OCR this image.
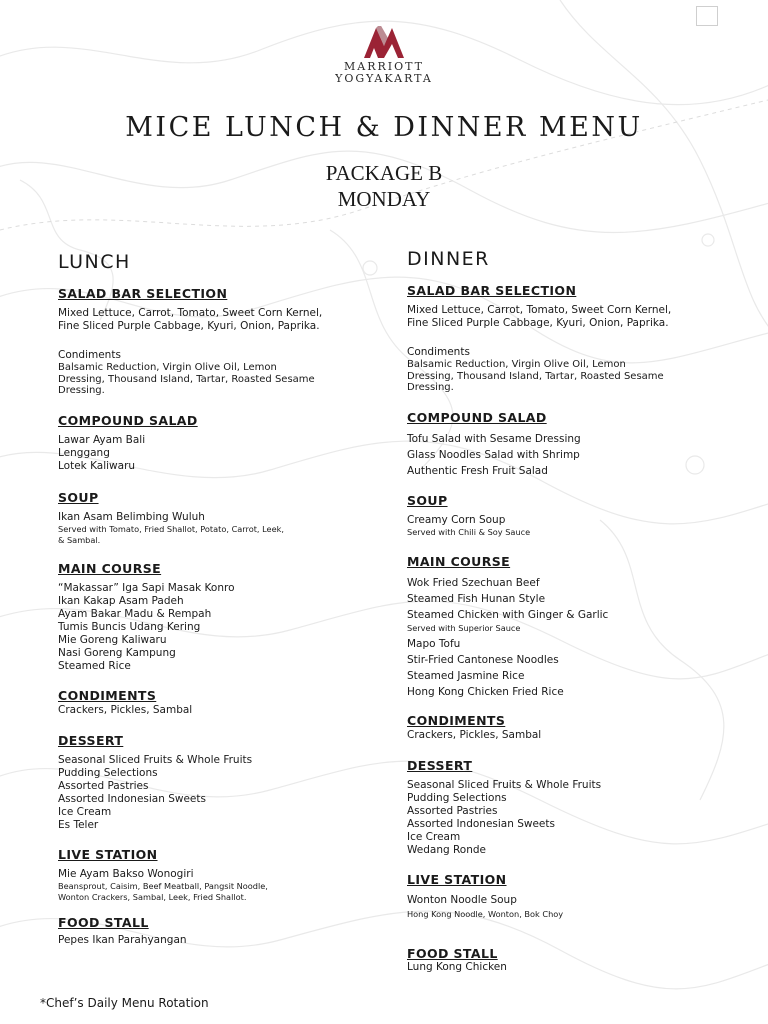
MARRIOTT
YOGYAKARTA
MICE LUNCH & DINNER MENU
PACKAGE B
MONDAY
LUNCH
SALAD BAR SELECTION
Mixed Lettuce, Carrot, Tomato, Sweet Corn Kernel,
Fine Sliced Purple Cabbage, Kyuri, Onion, Paprika.
Condiments
Balsamic Reduction, Virgin Olive Oil, Lemon
Dressing, Thousand Island, Tartar, Roasted Sesame
Dressing.
COMPOUND SALAD
Lawar Ayam Bali
Lenggang
Lotek Kaliwaru
SOUP
Ikan Asam Belimbing Wuluh
Served with Tomato, Fried Shallot, Potato, Carrot, Leek,
& Sambal.
MAIN COURSE
“Makassar” Iga Sapi Masak Konro
Ikan Kakap Asam Padeh
Ayam Bakar Madu & Rempah
Tumis Buncis Udang Kering
Mie Goreng Kaliwaru
Nasi Goreng Kampung
Steamed Rice
CONDIMENTS
Crackers, Pickles, Sambal
DESSERT
Seasonal Sliced Fruits & Whole Fruits
Pudding Selections
Assorted Pastries
Assorted Indonesian Sweets
Ice Cream
Es Teler
LIVE STATION
Mie Ayam Bakso Wonogiri
Beansprout, Caisim, Beef Meatball, Pangsit Noodle,
Wonton Crackers, Sambal, Leek, Fried Shallot.
FOOD STALL
Pepes Ikan Parahyangan
DINNER
SALAD BAR SELECTION
Mixed Lettuce, Carrot, Tomato, Sweet Corn Kernel,
Fine Sliced Purple Cabbage, Kyuri, Onion, Paprika.
Condiments
Balsamic Reduction, Virgin Olive Oil, Lemon
Dressing, Thousand Island, Tartar, Roasted Sesame
Dressing.
COMPOUND SALAD
Tofu Salad with Sesame Dressing
Glass Noodles Salad with Shrimp
Authentic Fresh Fruit Salad
SOUP
Creamy Corn Soup
Served with Chili & Soy Sauce
MAIN COURSE
Wok Fried Szechuan Beef
Steamed Fish Hunan Style
Steamed Chicken with Ginger & Garlic
Served with Superior Sauce
Mapo Tofu
Stir-Fried Cantonese Noodles
Steamed Jasmine Rice
Hong Kong Chicken Fried Rice
CONDIMENTS
Crackers, Pickles, Sambal
DESSERT
Seasonal Sliced Fruits & Whole Fruits
Pudding Selections
Assorted Pastries
Assorted Indonesian Sweets
Ice Cream
Wedang Ronde
LIVE STATION
Wonton Noodle Soup
Hong Kong Noodle, Wonton, Bok Choy
FOOD STALL
Lung Kong Chicken
*Chef’s Daily Menu Rotation
